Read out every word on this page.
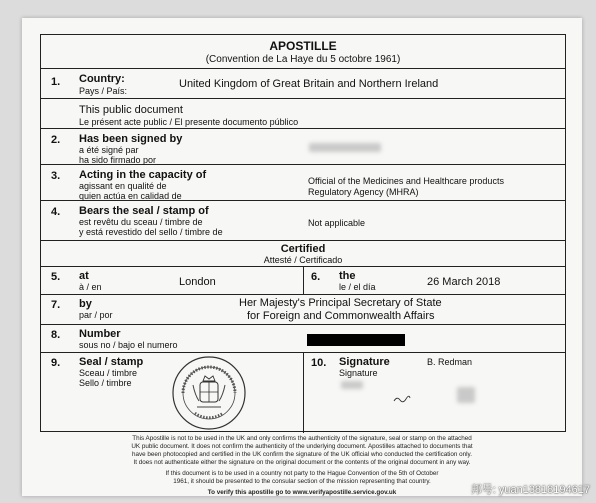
APOSTILLE
(Convention de La Haye du 5 octobre 1961)
1. Country:
Pays / País:
United Kingdom of Great Britain and Northern Ireland
This public document
Le présent acte public / El presente documento público
2. Has been signed by
a été signé par
ha sido firmado por
3. Acting in the capacity of
agissant en qualité de
quien actúa en calidad de
Official of the Medicines and Healthcare products
Regulatory Agency (MHRA)
4. Bears the seal / stamp of
est revêtu du sceau / timbre de
y está revestido del sello / timbre de
Not applicable
Certified
Attesté / Certificado
5. at
à / en	London	6. the
le / el día	26 March 2018
7. by
par / por
Her Majesty's Principal Secretary of State
for Foreign and Commonwealth Affairs
8. Number
sous no / bajo el numero
9. Seal / stamp
Sceau / timbre
Sello / timbre
10. Signature
Signature
B. Redman
This Apostille is not to be used in the UK and only confirms the authenticity of the signature, seal or stamp on the attached
UK public document. It does not confirm the authenticity of the underlying document. Apostilles attached to documents that
have been photocopied and certified in the UK confirm the signature of the UK official who conducted the certification only.
It does not authenticate either the signature on the original document or the contents of the original document in any way.
If this document is to be used in a country not party to the Hague Convention of the 5th of October
1961, it should be presented to the consular section of the mission representing that country.
To verify this apostille go to www.verifyapostille.service.gov.uk	邦号: yuan13818194617
